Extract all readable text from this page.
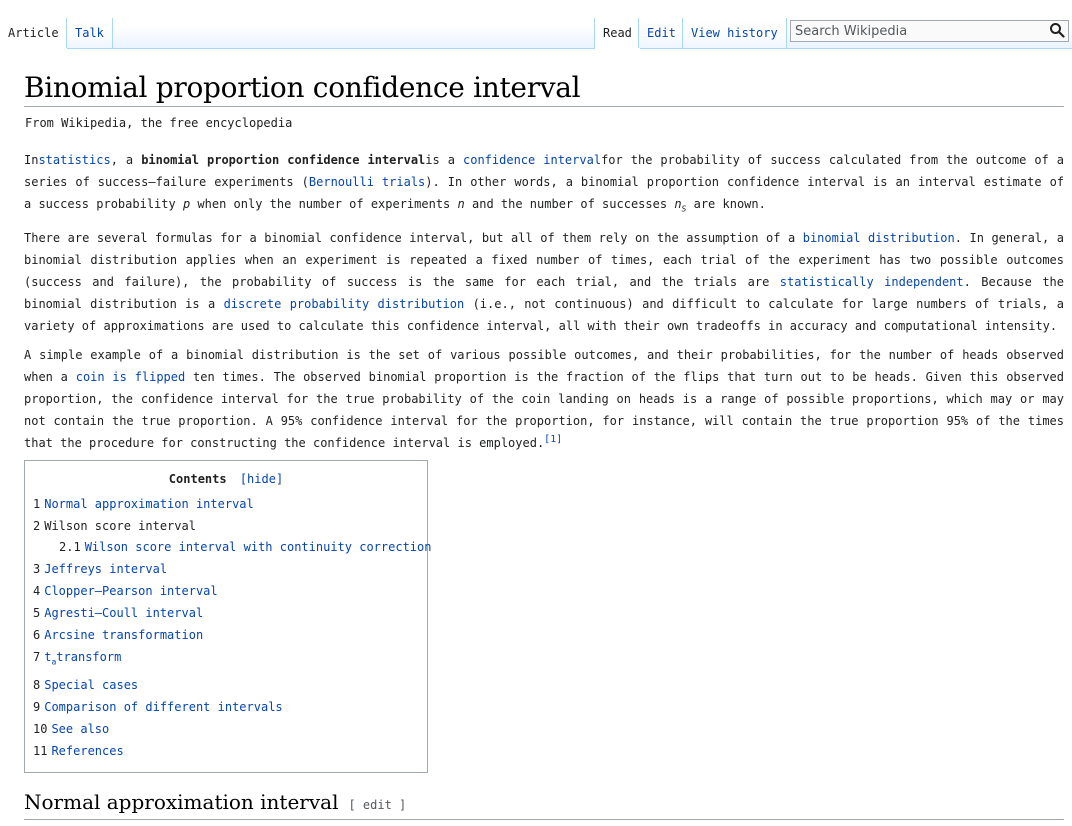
Article	Talk	Read	Edit	View history
Search Wikipedia
Binomial proportion confidence interval
From Wikipedia, the free encyclopedia

Instatistics, a binomial proportion confidence intervalis a confidence intervalfor the probability of success calculated from the outcome of a series of success–failure experiments (Bernoulli trials). In other words, a binomial proportion confidence interval is an interval estimate of a success probability p when only the number of experiments n and the number of successes $n_S$ are known.

There are several formulas for a binomial confidence interval, but all of them rely on the assumption of a binomial distribution. In general, a binomial distribution applies when an experiment is repeated a fixed number of times, each trial of the experiment has two possible outcomes (success and failure), the probability of success is the same for each trial, and the trials are statistically independent. Because the binomial distribution is a discrete probability distribution (i.e., not continuous) and difficult to calculate for large numbers of trials, a variety of approximations are used to calculate this confidence interval, all with their own tradeoffs in accuracy and computational intensity.

A simple example of a binomial distribution is the set of various possible outcomes, and their probabilities, for the number of heads observed when a coin is flipped ten times. The observed binomial proportion is the fraction of the flips that turn out to be heads. Given this observed proportion, the confidence interval for the true probability of the coin landing on heads is a range of possible proportions, which may or may not contain the true proportion. A 95% confidence interval for the proportion, for instance, will contain the true proportion 95% of the times that the procedure for constructing the confidence interval is employed.[1]

Contents [hide]
1 Normal approximation interval
2 Wilson score interval
2.1 Wilson score interval with continuity correction
3 Jeffreys interval
4 Clopper–Pearson interval
5 Agresti–Coull interval
6 Arcsine transformation
7 $t_atransform$
8 Special cases
9 Comparison of different intervals
10 See also
11 References
Normal approximation interval [ edit ]
